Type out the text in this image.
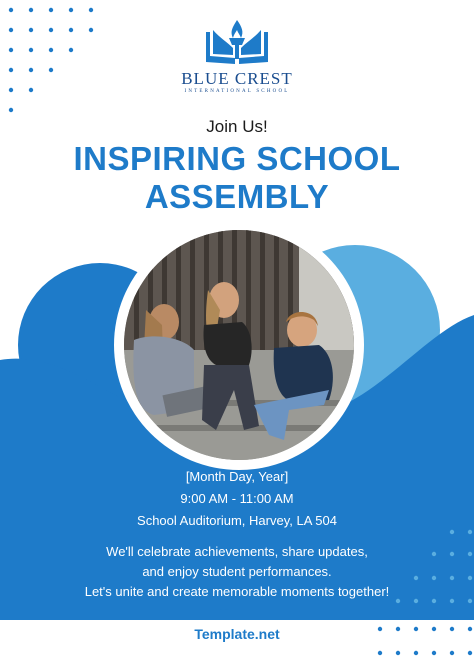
BLUE CREST
INTERNATIONAL SCHOOL
Join Us!
INSPIRING SCHOOL
ASSEMBLY
[Month Day, Year]
9:00 AM - 11:00 AM
School Auditorium, Harvey, LA 504
We'll celebrate achievements, share updates,
and enjoy student performances.
Let's unite and create memorable moments together!
Template.net
